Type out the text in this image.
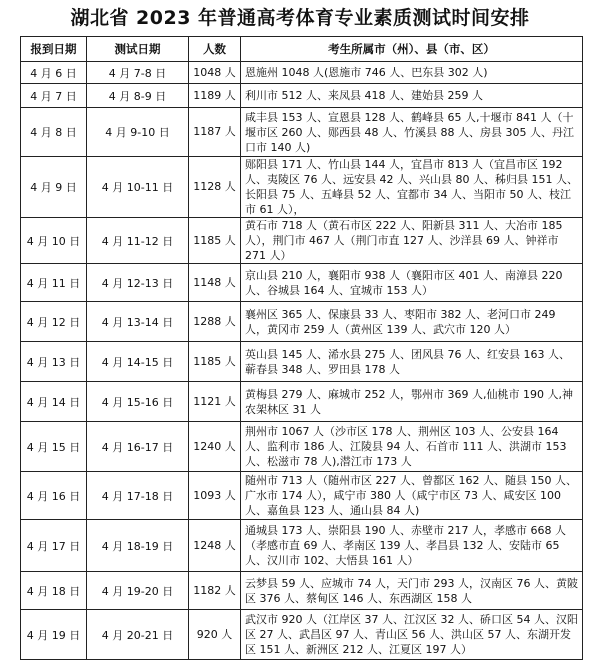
湖北省 2023 年普通高考体育专业素质测试时间安排
报到日期	测试日期	人数	考生所属市（州）、县（市、区）
4 月 6 日	4 月 7-8 日	1048 人	恩施州 1048 人(恩施市 746 人、巴东县 302 人)
4 月 7 日	4 月 8-9 日	1189 人	利川市 512 人、来凤县 418 人、建始县 259 人
4 月 8 日	4 月 9-10 日	1187 人	咸丰县 153 人、宣恩县 128 人、鹤峰县 65 人,十堰市 841 人（十堰市区 260 人、郧西县 48 人、竹溪县 88 人、房县 305 人、丹江口市 140 人)
4 月 9 日	4 月 10-11 日	1128 人	郧阳县 171 人、竹山县 144 人，宜昌市 813 人（宜昌市区 192 人、夷陵区 76 人、远安县 42 人、兴山县 80 人、秭归县 151 人、长阳县 75 人、五峰县 52 人、宜都市 34 人、当阳市 50 人、枝江市 61 人），
4 月 10 日	4 月 11-12 日	1185 人	黄石市 718 人（黄石市区 222 人、阳新县 311 人、大冶市 185 人），荆门市 467 人（荆门市直 127 人、沙洋县 69 人、钟祥市 271 人）
4 月 11 日	4 月 12-13 日	1148 人	京山县 210 人，襄阳市 938 人（襄阳市区 401 人、南漳县 220 人、谷城县 164 人、宜城市 153 人）
4 月 12 日	4 月 13-14 日	1288 人	襄州区 365 人、保康县 33 人、枣阳市 382 人、老河口市 249 人，黄冈市 259 人（黄州区 139 人、武穴市 120 人）
4 月 13 日	4 月 14-15 日	1185 人	英山县 145 人、浠水县 275 人、团风县 76 人、红安县 163 人、蕲春县 348 人、罗田县 178 人
4 月 14 日	4 月 15-16 日	1121 人	黄梅县 279 人、麻城市 252 人，鄂州市 369 人,仙桃市 190 人,神农架林区 31 人
4 月 15 日	4 月 16-17 日	1240 人	荆州市 1067 人（沙市区 178 人、荆州区 103 人、公安县 164 人、监利市 186 人、江陵县 94 人、石首市 111 人、洪湖市 153 人、松滋市 78 人),潜江市 173 人
4 月 16 日	4 月 17-18 日	1093 人	随州市 713 人（随州市区 227 人、曾都区 162 人、随县 150 人、广水市 174 人），咸宁市 380 人（咸宁市区 73 人、咸安区 100 人、嘉鱼县 123 人、通山县 84 人)
4 月 17 日	4 月 18-19 日	1248 人	通城县 173 人、崇阳县 190 人、赤壁市 217 人，孝感市 668 人（孝感市直 69 人、孝南区 139 人、孝昌县 132 人、安陆市 65 人、汉川市 102、大悟县 161 人）
4 月 18 日	4 月 19-20 日	1182 人	云梦县 59 人、应城市 74 人，天门市 293 人，汉南区 76 人、黄陂区 376 人、蔡甸区 146 人、东西湖区 158 人
4 月 19 日	4 月 20-21 日	920 人	武汉市 920 人（江岸区 37 人、江汉区 32 人、硚口区 54 人、汉阳区 27 人、武昌区 97 人、青山区 56 人、洪山区 57 人、东湖开发区 151 人、新洲区 212 人、江夏区 197 人）
